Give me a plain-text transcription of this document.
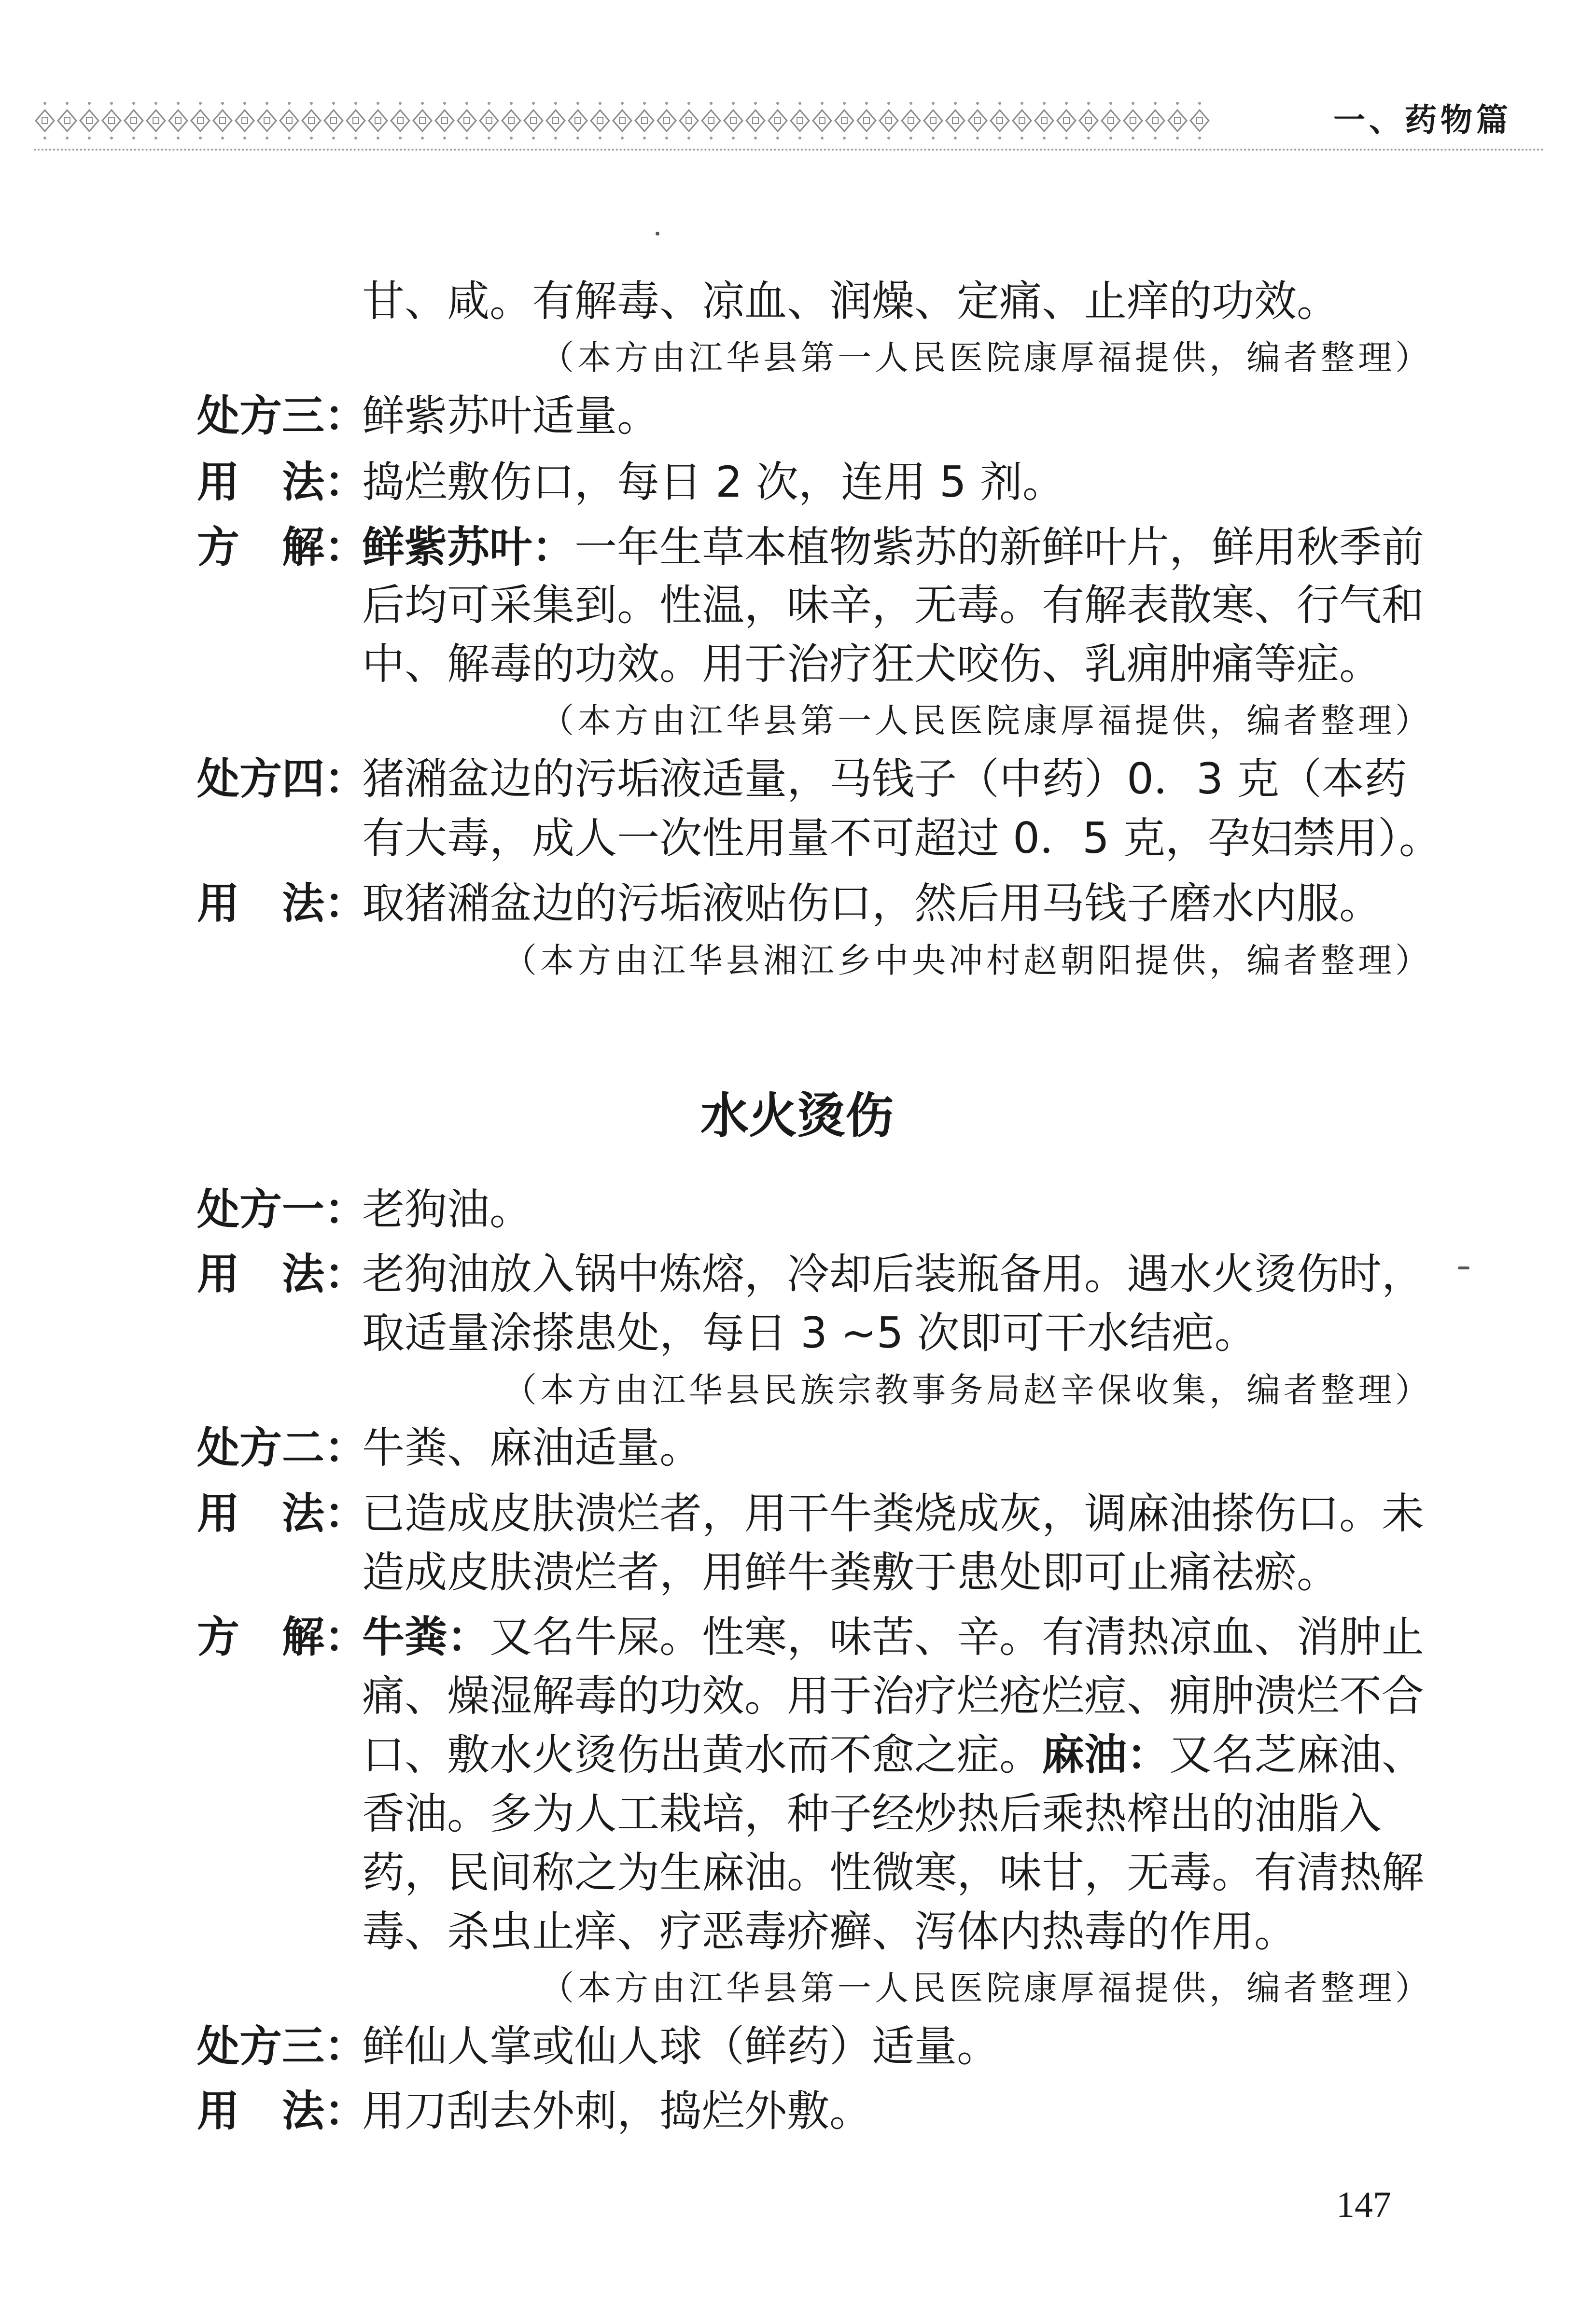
一、药物篇
甘、咸。有解毒、凉血、润燥、定痛、止痒的功效。
（本方由江华县第一人民医院康厚福提供，编者整理）
处方三：
鲜紫苏叶适量。
用　法：
捣烂敷伤口，每日 2 次，连用 5 剂。
方　解：
鲜紫苏叶：一年生草本植物紫苏的新鲜叶片，鲜用秋季前
后均可采集到。性温，味辛，无毒。有解表散寒、行气和
中、解毒的功效。用于治疗狂犬咬伤、乳痈肿痛等症。
（本方由江华县第一人民医院康厚福提供，编者整理）
处方四：
猪潲盆边的污垢液适量，马钱子（中药）0．3 克（本药
有大毒，成人一次性用量不可超过 0．5 克，孕妇禁用）。
用　法：
取猪潲盆边的污垢液贴伤口，然后用马钱子磨水内服。
（本方由江华县湘江乡中央冲村赵朝阳提供，编者整理）
水火烫伤
处方一：
老狗油。
用　法：
老狗油放入锅中炼熔，冷却后装瓶备用。遇水火烫伤时，
取适量涂搽患处，每日 3 ~5 次即可干水结疤。
（本方由江华县民族宗教事务局赵辛保收集，编者整理）
处方二：
牛粪、麻油适量。
用　法：
已造成皮肤溃烂者，用干牛粪烧成灰，调麻油搽伤口。未
造成皮肤溃烂者，用鲜牛粪敷于患处即可止痛祛瘀。
方　解：
牛粪：又名牛屎。性寒，味苦、辛。有清热凉血、消肿止
痛、燥湿解毒的功效。用于治疗烂疮烂痘、痈肿溃烂不合
口、敷水火烫伤出黄水而不愈之症。麻油：又名芝麻油、
香油。多为人工栽培，种子经炒热后乘热榨出的油脂入
药，民间称之为生麻油。性微寒，味甘，无毒。有清热解
毒、杀虫止痒、疗恶毒疥癣、泻体内热毒的作用。
（本方由江华县第一人民医院康厚福提供，编者整理）
处方三：
鲜仙人掌或仙人球（鲜药）适量。
用　法：
用刀刮去外刺，捣烂外敷。
147
